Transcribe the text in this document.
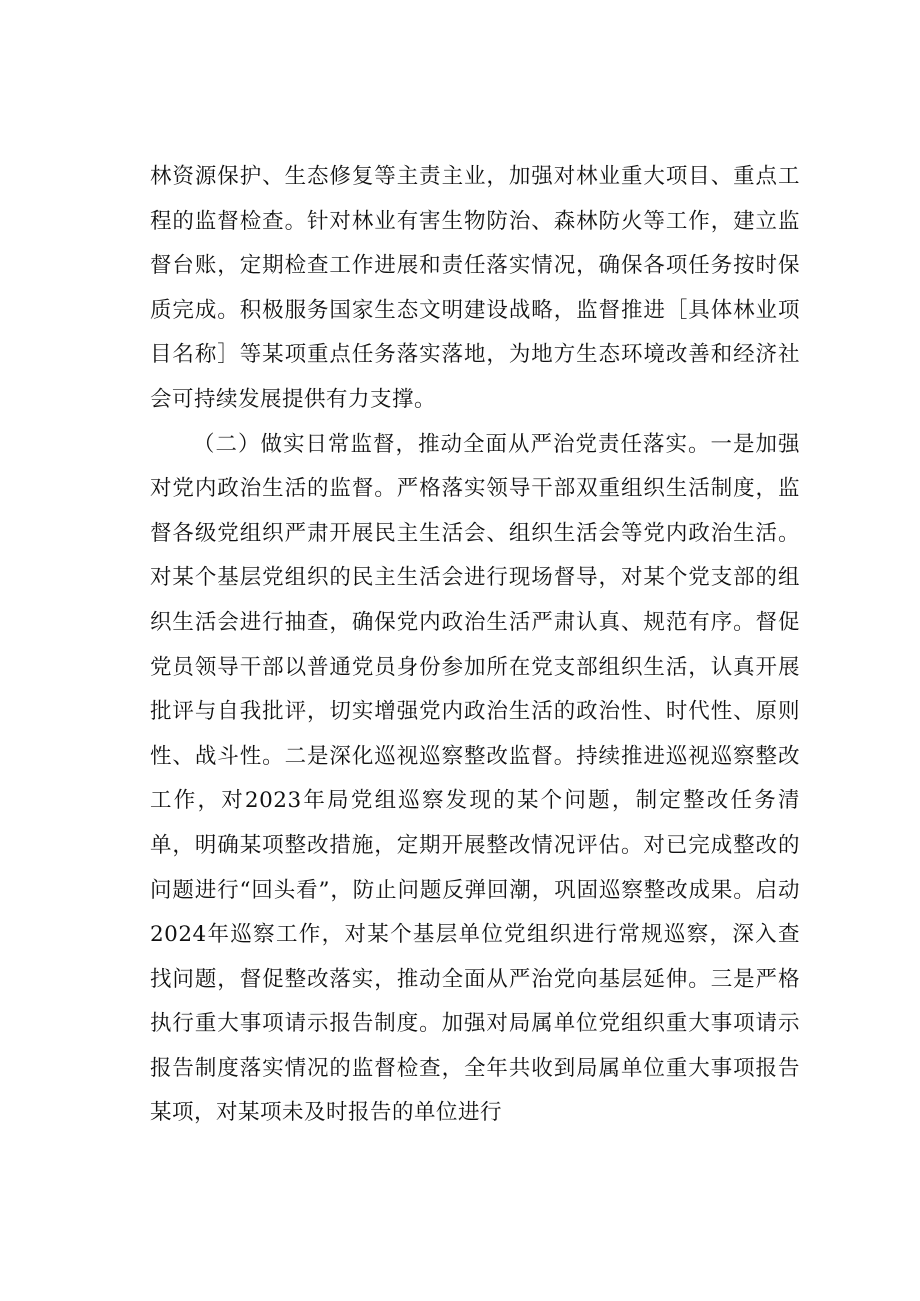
林资源保护、生态修复等主责主业，加强对林业重大项目、重点工程的监督检查。针对林业有害生物防治、森林防火等工作，建立监督台账，定期检查工作进展和责任落实情况，确保各项任务按时保质完成。积极服务国家生态文明建设战略，监督推进［具体林业项目名称］等某项重点任务落实落地，为地方生态环境改善和经济社会可持续发展提供有力支撑。

（二）做实日常监督，推动全面从严治党责任落实。一是加强对党内政治生活的监督。严格落实领导干部双重组织生活制度，监督各级党组织严肃开展民主生活会、组织生活会等党内政治生活。对某个基层党组织的民主生活会进行现场督导，对某个党支部的组织生活会进行抽查，确保党内政治生活严肃认真、规范有序。督促党员领导干部以普通党员身份参加所在党支部组织生活，认真开展批评与自我批评，切实增强党内政治生活的政治性、时代性、原则性、战斗性。二是深化巡视巡察整改监督。持续推进巡视巡察整改工作，对2023年局党组巡察发现的某个问题，制定整改任务清单，明确某项整改措施，定期开展整改情况评估。对已完成整改的问题进行“回头看”，防止问题反弹回潮，巩固巡察整改成果。启动2024年巡察工作，对某个基层单位党组织进行常规巡察，深入查找问题，督促整改落实，推动全面从严治党向基层延伸。三是严格执行重大事项请示报告制度。加强对局属单位党组织重大事项请示报告制度落实情况的监督检查，全年共收到局属单位重大事项报告某项，对某项未及时报告的单位进行
